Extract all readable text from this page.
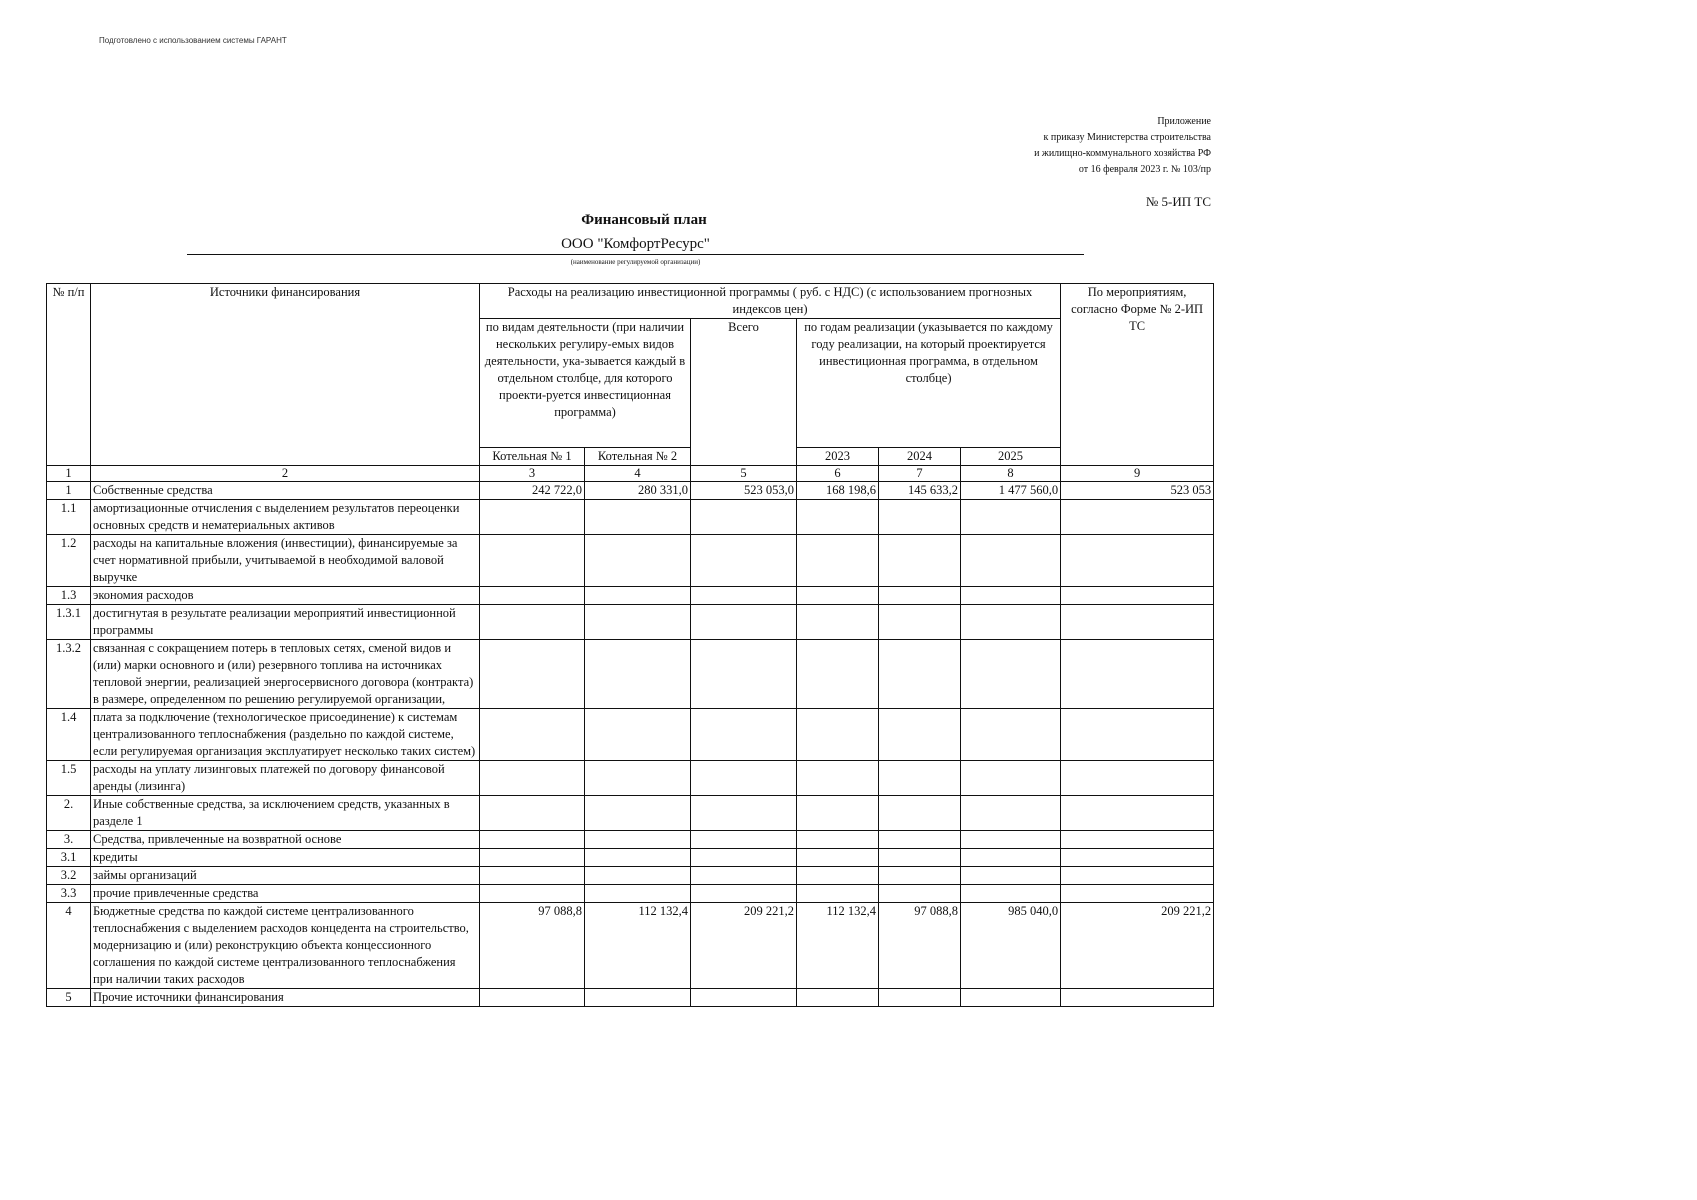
Подготовлено с использованием системы ГАРАНТ
Приложение
к приказу Министерства строительства
и жилищно-коммунального хозяйства РФ
от 16 февраля 2023 г. № 103/пр
№ 5-ИП ТС
Финансовый план
ООО "КомфортРесурс"
(наименование регулируемой организации)
№ п/п	Источники финансирования	Расходы на реализацию инвестиционной программы ( руб. с НДС) (с использованием прогнозных индексов цен)						По мероприятиям, согласно Форме № 2-ИП ТС
		по видам деятельности (при наличии нескольких регулиру-емых видов деятельности, ука-зывается каждый в отдельном столбце, для которого проекти-руется инвестиционная программа)		Всего	по годам реализации (указывается по каждому году реализации, на который проектируется инвестиционная программа, в отдельном столбце)			
		Котельная № 1	Котельная № 2					
					2023	2024	2025	
1	2	3	4	5	6	7	8	9
1	Собственные средства	242 722,0	280 331,0	523 053,0	168 198,6	145 633,2	1 477 560,0	523 053
1.1	амортизационные отчисления с выделением результатов переоценки основных средств и нематериальных активов							
1.2	расходы на капитальные вложения (инвестиции), финансируемые за счет нормативной прибыли, учитываемой в необходимой валовой выручке							
1.3	экономия расходов							
1.3.1	достигнутая в результате реализации мероприятий инвестиционной программы							
1.3.2	связанная с сокращением потерь в тепловых сетях, сменой видов и (или) марки основного и (или) резервного топлива на источниках тепловой энергии, реализацией энергосервисного договора (контракта) в размере, определенном по решению регулируемой организации,							
1.4	плата за подключение (технологическое присоединение) к системам централизованного теплоснабжения (раздельно по каждой системе, если регулируемая организация эксплуатирует несколько таких систем)							
1.5	расходы на уплату лизинговых платежей по договору финансовой аренды (лизинга)							
2.	Иные собственные средства, за исключением средств, указанных в разделе 1							
3.	Средства, привлеченные на возвратной основе							
3.1	кредиты							
3.2	займы организаций							
3.3	прочие привлеченные средства							
4	Бюджетные средства по каждой системе централизованного теплоснабжения с выделением расходов концедента на строительство, модернизацию и (или) реконструкцию объекта концессионного соглашения по каждой системе централизованного теплоснабжения при наличии таких расходов	97 088,8	112 132,4	209 221,2	112 132,4	97 088,8	985 040,0	209 221,2
5	Прочие источники финансирования							
